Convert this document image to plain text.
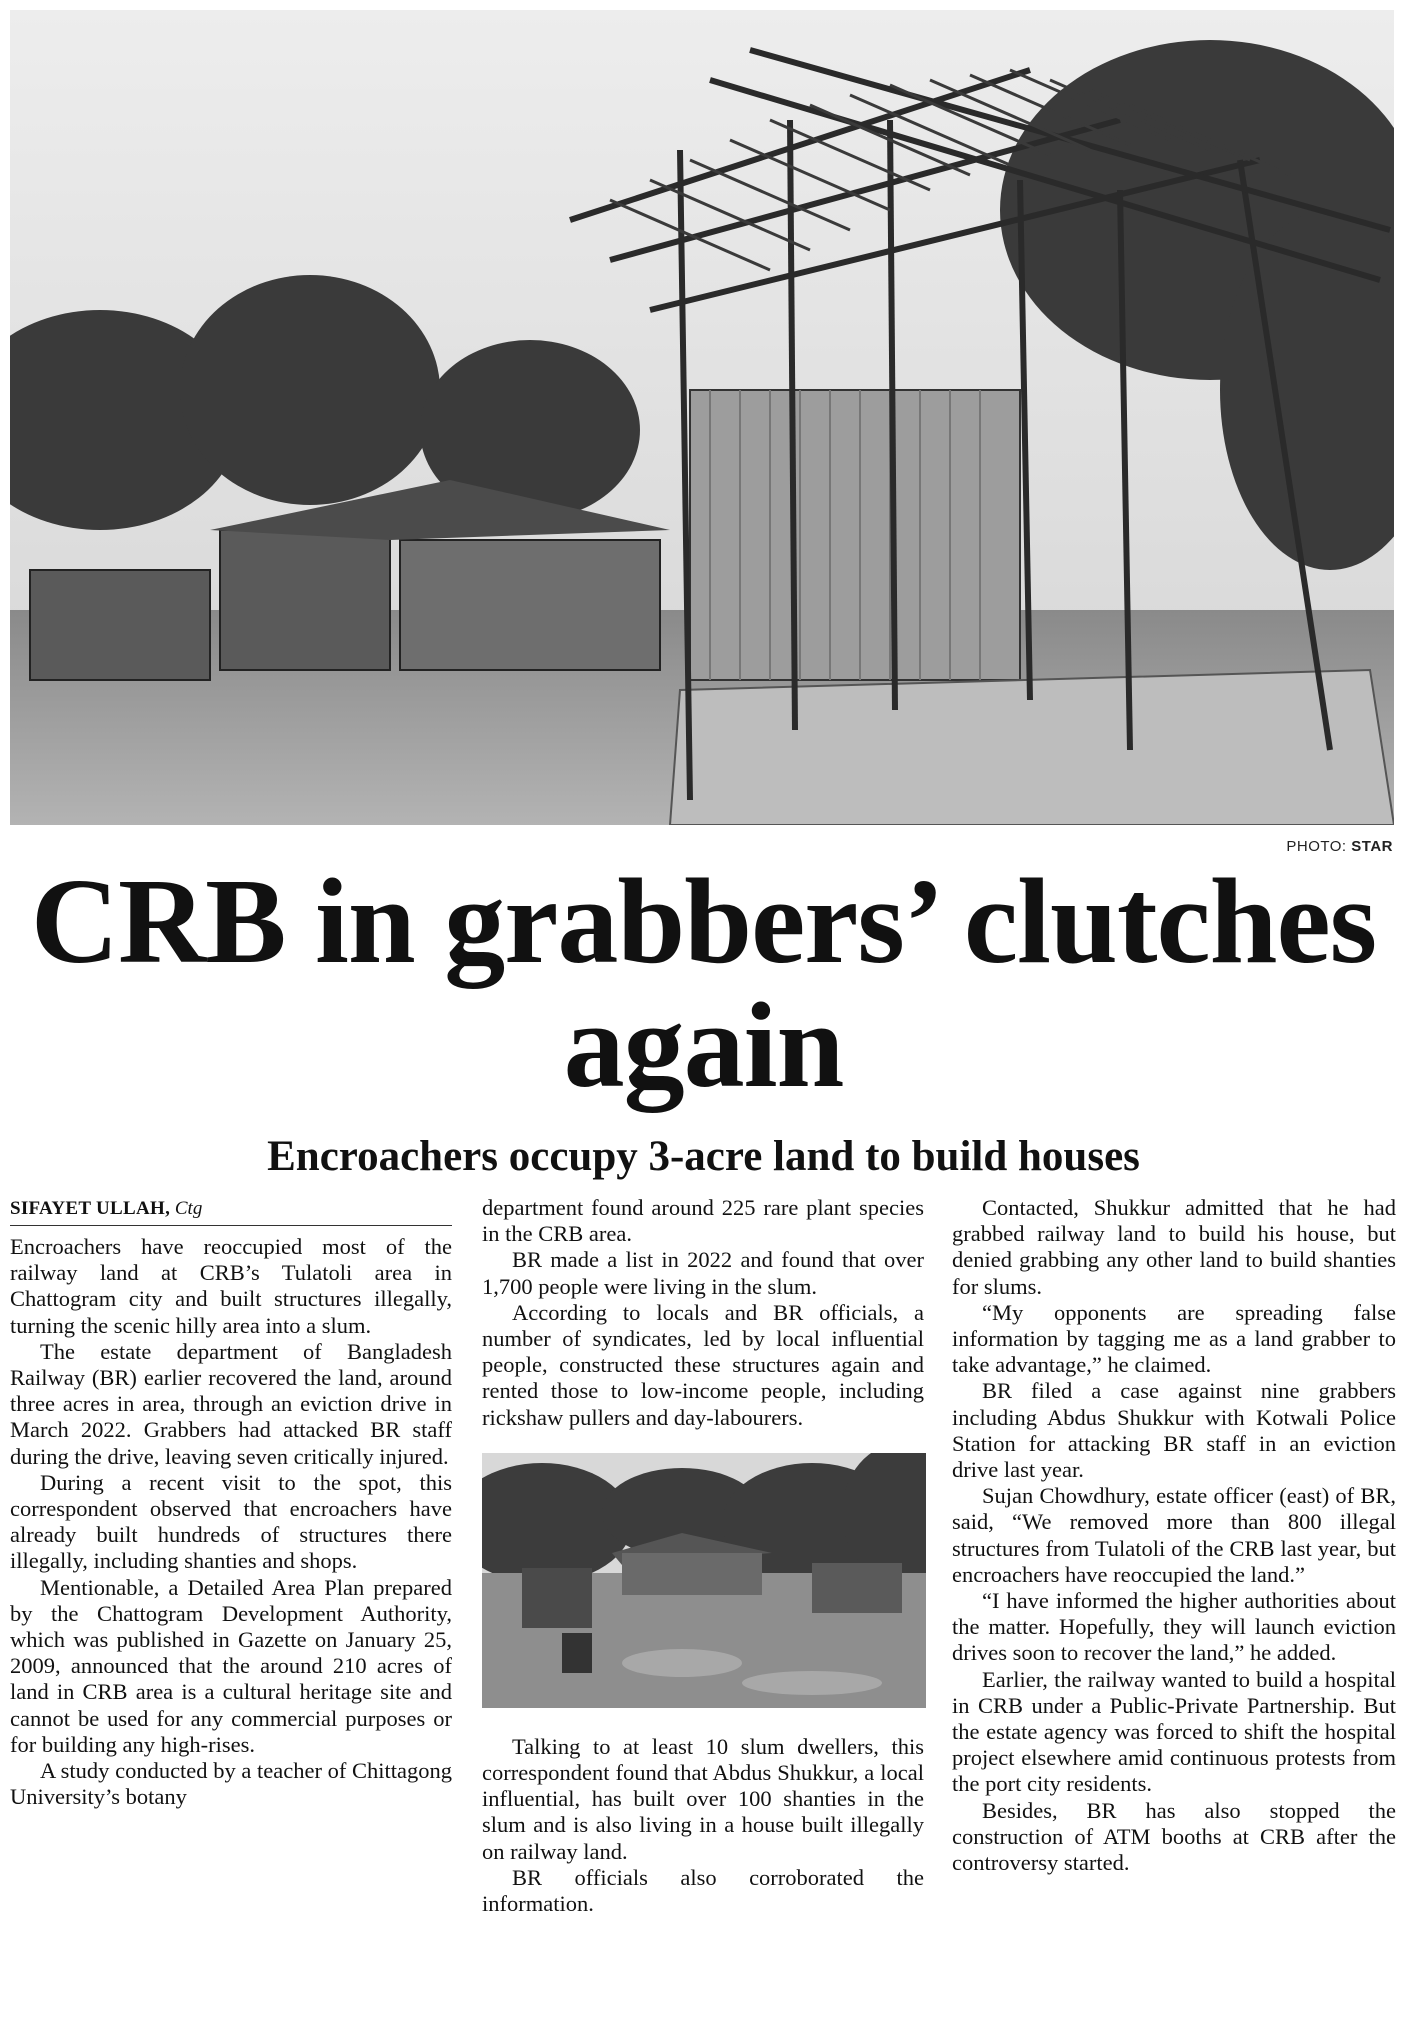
PHOTO: STAR
CRB in grabbers’ clutches again
Encroachers occupy 3-acre land to build houses
SIFAYET ULLAH, Ctg

Encroachers have reoccupied most of the railway land at CRB’s Tulatoli area in Chattogram city and built structures illegally, turning the scenic hilly area into a slum.

The estate department of Bangladesh Railway (BR) earlier recovered the land, around three acres in area, through an eviction drive in March 2022. Grabbers had attacked BR staff during the drive, leaving seven critically injured.

During a recent visit to the spot, this correspondent observed that encroachers have already built hundreds of structures there illegally, including shanties and shops.

Mentionable, a Detailed Area Plan prepared by the Chattogram Development Authority, which was published in Gazette on January 25, 2009, announced that the around 210 acres of land in CRB area is a cultural heritage site and cannot be used for any commercial purposes or for building any high-rises.

A study conducted by a teacher of Chittagong University’s botany

department found around 225 rare plant species in the CRB area.

BR made a list in 2022 and found that over 1,700 people were living in the slum.

According to locals and BR officials, a number of syndicates, led by local influential people, constructed these structures again and rented those to low-income people, including rickshaw pullers and day-labourers.

Talking to at least 10 slum dwellers, this correspondent found that Abdus Shukkur, a local influential, has built over 100 shanties in the slum and is also living in a house built illegally on railway land.

BR officials also corroborated the information.

Contacted, Shukkur admitted that he had grabbed railway land to build his house, but denied grabbing any other land to build shanties for slums.

“My opponents are spreading false information by tagging me as a land grabber to take advantage,” he claimed.

BR filed a case against nine grabbers including Abdus Shukkur with Kotwali Police Station for attacking BR staff in an eviction drive last year.

Sujan Chowdhury, estate officer (east) of BR, said, “We removed more than 800 illegal structures from Tulatoli of the CRB last year, but encroachers have reoccupied the land.”

“I have informed the higher authorities about the matter. Hopefully, they will launch eviction drives soon to recover the land,” he added.

Earlier, the railway wanted to build a hospital in CRB under a Public-Private Partnership. But the estate agency was forced to shift the hospital project elsewhere amid continuous protests from the port city residents.

Besides, BR has also stopped the construction of ATM booths at CRB after the controversy started.
